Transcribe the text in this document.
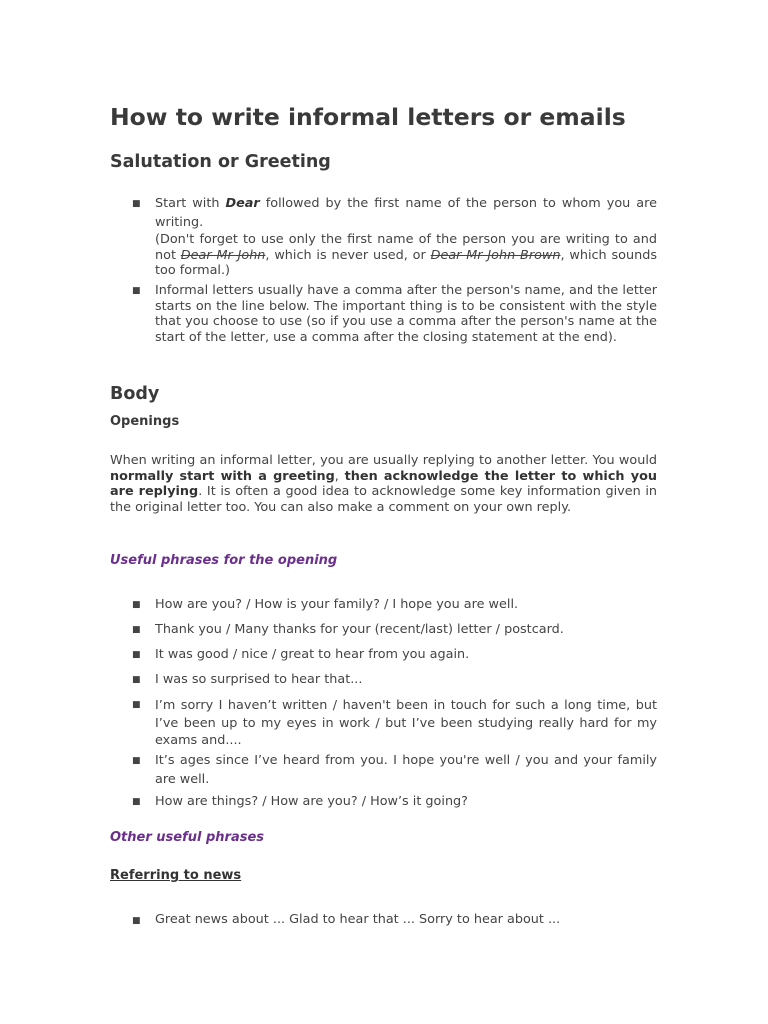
How to write informal letters or emails
Salutation or Greeting
■ Start with Dear followed by the first name of the person to whom you are writing.
(Don't forget to use only the first name of the person you are writing to and not Dear Mr John, which is never used, or Dear Mr John Brown, which sounds too formal.)
■ Informal letters usually have a comma after the person's name, and the letter starts on the line below. The important thing is to be consistent with the style that you choose to use (so if you use a comma after the person's name at the start of the letter, use a comma after the closing statement at the end).
Body
Openings
When writing an informal letter, you are usually replying to another letter. You would normally start with a greeting, then acknowledge the letter to which you are replying. It is often a good idea to acknowledge some key information given in the original letter too. You can also make a comment on your own reply.
Useful phrases for the opening
■ How are you? / How is your family? / I hope you are well.
■ Thank you / Many thanks for your (recent/last) letter / postcard.
■ It was good / nice / great to hear from you again.
■ I was so surprised to hear that...
■ I’m sorry I haven’t written / haven't been in touch for such a long time, but I’ve been up to my eyes in work / but I’ve been studying really hard for my exams and....
■ It’s ages since I’ve heard from you. I hope you're well / you and your family are well.
■ How are things? / How are you? / How’s it going?
Other useful phrases
Referring to news
■ Great news about ... Glad to hear that ... Sorry to hear about ...
